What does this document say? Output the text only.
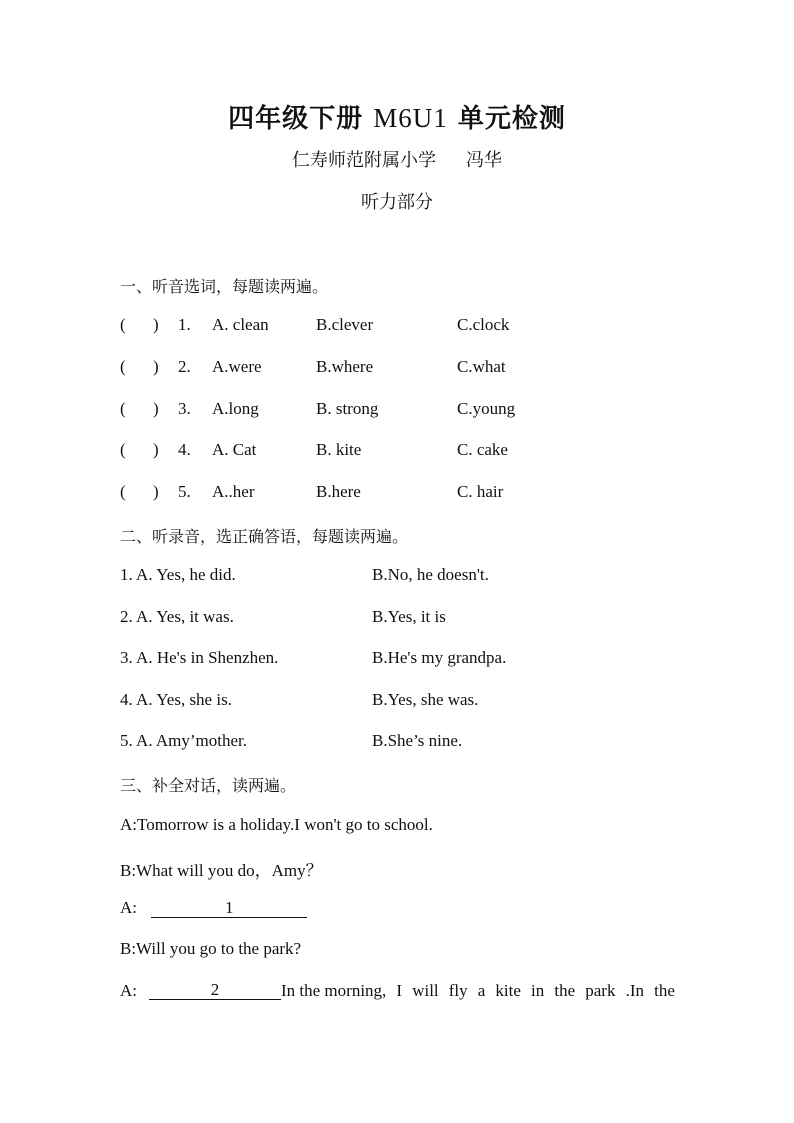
四年级下册 M6U1 单元检测
仁寿师范附属小学 冯华
听力部分
一、听音选词，每题读两遍。
( ) 1. A. clean	B.clever	C.clock
( ) 2. A.were	B.where	C.what
( ) 3. A.long	B. strong	C.young
( ) 4. A. Cat	B. kite	C. cake
( ) 5. A..her	B.here	C. hair
二、听录音，选正确答语，每题读两遍。
1. A. Yes, he did.	B.No, he doesn't.
2. A. Yes, it was.	B.Yes, it is
3. A. He's in Shenzhen.	B.He's my grandpa.
4. A. Yes, she is.	B.Yes, she was.
5. A. Amy’mother.	B.She’s nine.
三、补全对话，读两遍。
A:Tomorrow is a holiday.I won't go to school.
B:What will you do，Amy？
A:	1
B:Will you go to the park?
A:	2	In the morning, I will fly a kite in the park .In the
